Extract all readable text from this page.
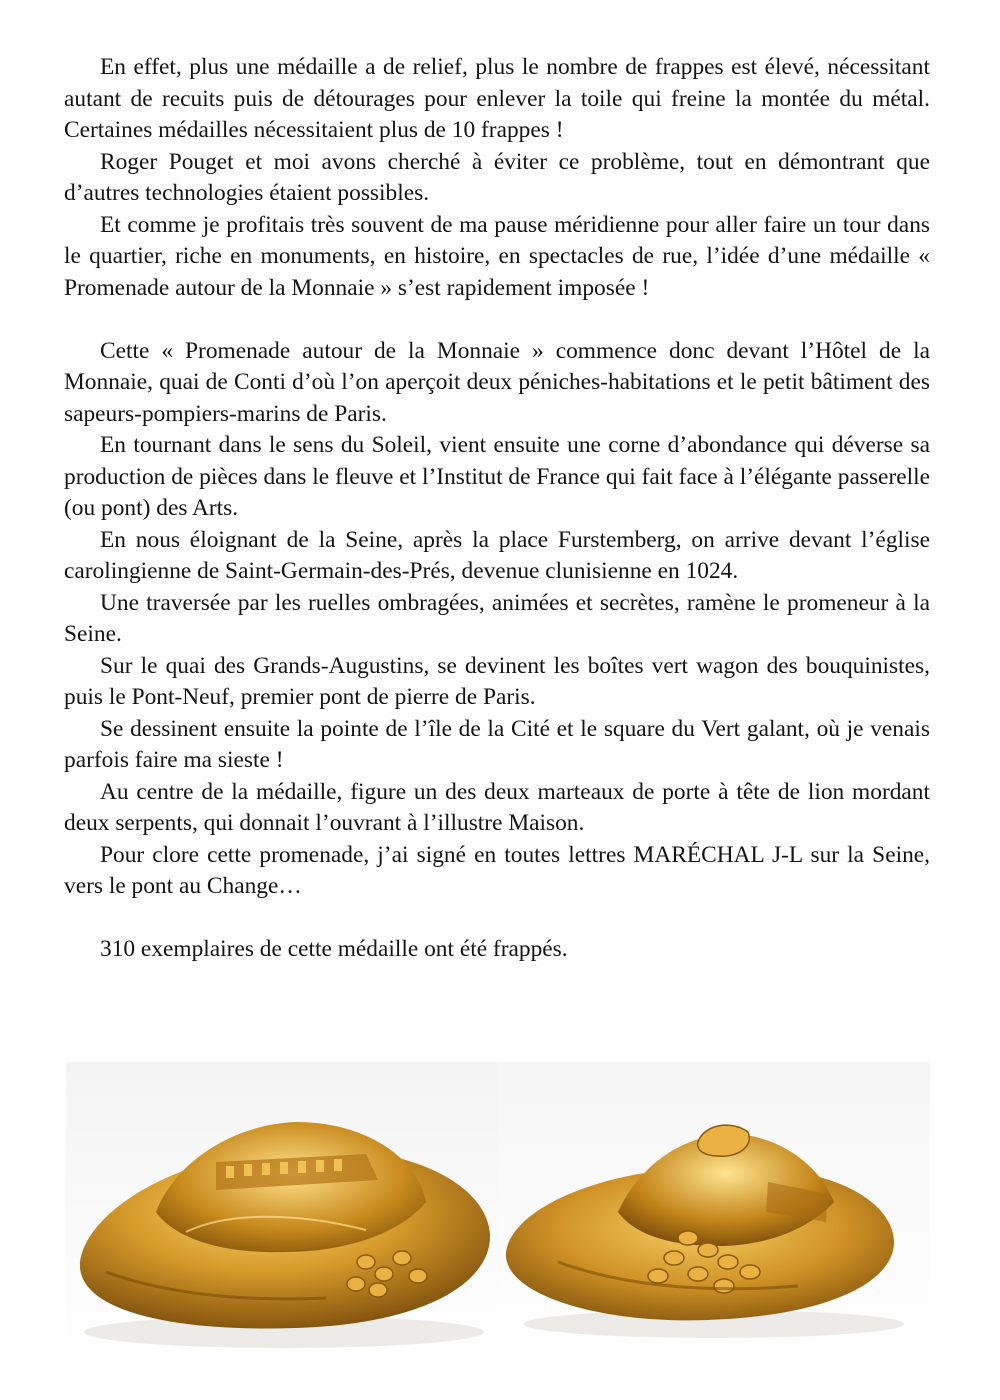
En effet, plus une médaille a de relief, plus le nombre de frappes est élevé, nécessitant autant de recuits puis de détourages pour enlever la toile qui freine la montée du métal. Certaines médailles nécessitaient plus de 10 frappes !

Roger Pouget et moi avons cherché à éviter ce problème, tout en démontrant que d’autres technologies étaient possibles.

Et comme je profitais très souvent de ma pause méridienne pour aller faire un tour dans le quartier, riche en monuments, en histoire, en spectacles de rue, l’idée d’une médaille « Promenade autour de la Monnaie » s’est rapidement imposée !

Cette « Promenade autour de la Monnaie » commence donc devant l’Hôtel de la Monnaie, quai de Conti d’où l’on aperçoit deux péniches-habitations et le petit bâtiment des sapeurs-pompiers-marins de Paris.

En tournant dans le sens du Soleil, vient ensuite une corne d’abondance qui déverse sa production de pièces dans le fleuve et l’Institut de France qui fait face à l’élégante passerelle (ou pont) des Arts.

En nous éloignant de la Seine, après la place Furstemberg, on arrive devant l’église carolingienne de Saint-Germain-des-Prés, devenue clunisienne en 1024.

Une traversée par les ruelles ombragées, animées et secrètes, ramène le promeneur à la Seine.

Sur le quai des Grands-Augustins, se devinent les boîtes vert wagon des bouquinistes, puis le Pont-Neuf, premier pont de pierre de Paris.

Se dessinent ensuite la pointe de l’île de la Cité et le square du Vert galant, où je venais parfois faire ma sieste !

Au centre de la médaille, figure un des deux marteaux de porte à tête de lion mordant deux serpents, qui donnait l’ouvrant à l’illustre Maison.

Pour clore cette promenade, j’ai signé en toutes lettres MARÉCHAL J-L sur la Seine, vers le pont au Change…

310 exemplaires de cette médaille ont été frappés.
